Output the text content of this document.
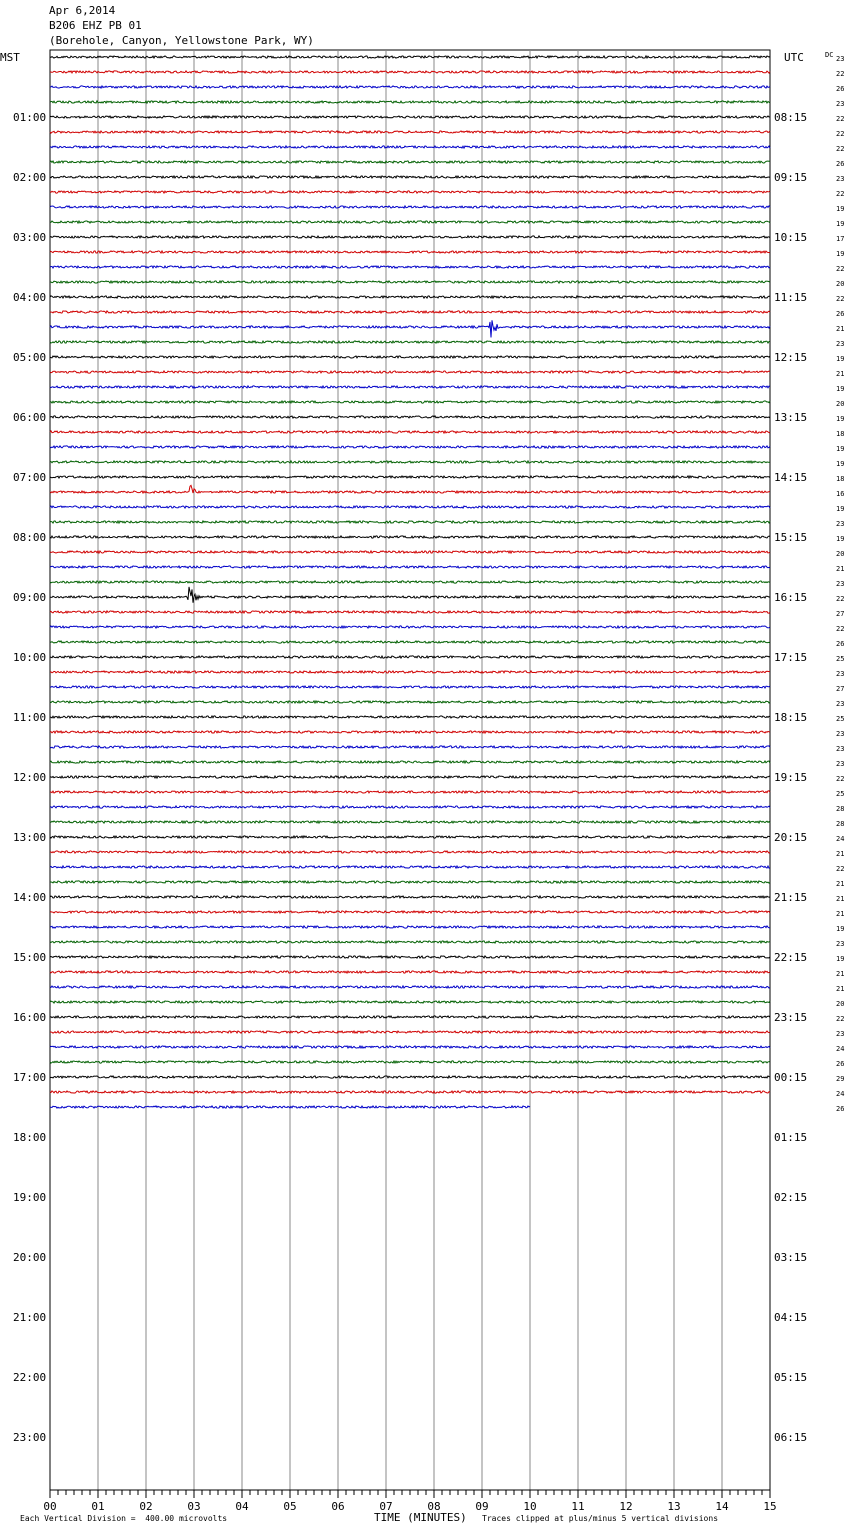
Apr 6,2014
B206 EHZ PB 01
(Borehole, Canyon, Yellowstone Park, WY)
MST	UTC	DC
01:00
02:00
03:00
04:00
05:00
06:00
07:00
08:00
09:00
10:00
11:00
12:00
13:00
14:00
15:00
16:00
17:00
18:00
19:00
20:00
21:00
22:00
23:00
08:15
09:15
10:15
11:15
12:15
13:15
14:15
15:15
16:15
17:15
18:15
19:15
20:15
21:15
22:15
23:15
00:15
01:15
02:15
03:15
04:15
05:15
06:15
23
22
26
23
22
22
22
26
23
22
19
19
17
19
22
20
22
26
21
23
19
21
19
20
19
18
19
19
18
16
19
23
19
20
21
23
22
27
22
26
25
23
27
23
25
23
23
23
22
25
28
28
24
21
22
21
21
21
19
23
19
21
21
20
22
23
24
26
29
24
26
00	01	02	03	04	05	06	07	08	09	10	11	12	13	14	15
Each Vertical Division =  400.00 microvolts	TIME (MINUTES) Traces clipped at plus/minus 5 vertical divisions
